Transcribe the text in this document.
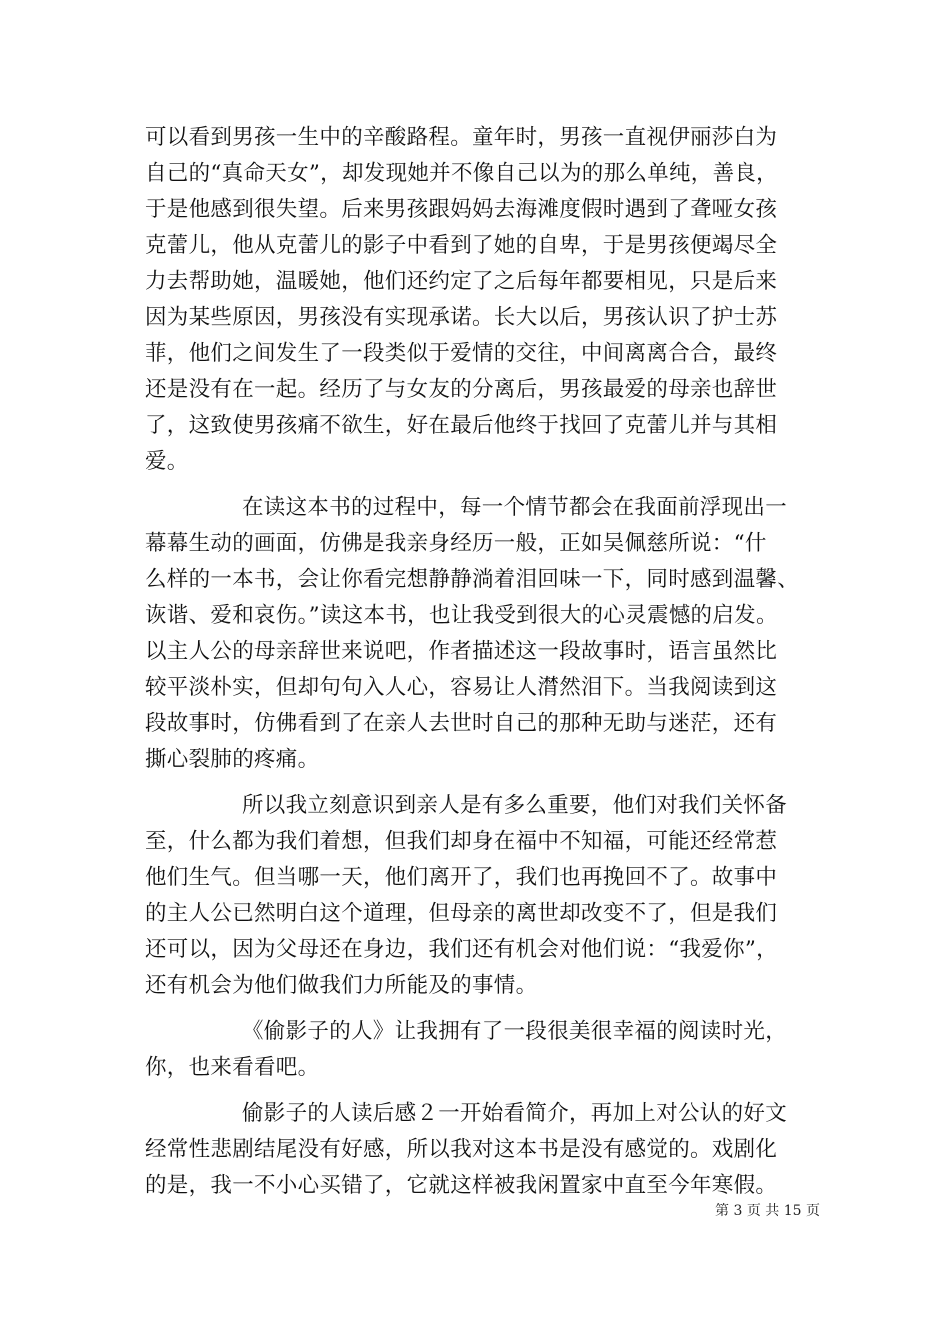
可以看到男孩一生中的辛酸路程。童年时，男孩一直视伊丽莎白为
自己的“真命天女”，却发现她并不像自己以为的那么单纯，善良，
于是他感到很失望。后来男孩跟妈妈去海滩度假时遇到了聋哑女孩
克蕾儿，他从克蕾儿的影子中看到了她的自卑，于是男孩便竭尽全
力去帮助她，温暖她，他们还约定了之后每年都要相见，只是后来
因为某些原因，男孩没有实现承诺。长大以后，男孩认识了护士苏
菲，他们之间发生了一段类似于爱情的交往，中间离离合合，最终
还是没有在一起。经历了与女友的分离后，男孩最爱的母亲也辞世
了，这致使男孩痛不欲生，好在最后他终于找回了克蕾儿并与其相
爱。
在读这本书的过程中，每一个情节都会在我面前浮现出一
幕幕生动的画面，仿佛是我亲身经历一般，正如吴佩慈所说：“什
么样的一本书，会让你看完想静静淌着泪回味一下，同时感到温馨、
诙谐、爱和哀伤。”读这本书，也让我受到很大的心灵震憾的启发。
以主人公的母亲辞世来说吧，作者描述这一段故事时，语言虽然比
较平淡朴实，但却句句入人心，容易让人潸然泪下。当我阅读到这
段故事时，仿佛看到了在亲人去世时自己的那种无助与迷茫，还有
撕心裂肺的疼痛。
所以我立刻意识到亲人是有多么重要，他们对我们关怀备
至，什么都为我们着想，但我们却身在福中不知福，可能还经常惹
他们生气。但当哪一天，他们离开了，我们也再挽回不了。故事中
的主人公已然明白这个道理，但母亲的离世却改变不了，但是我们
还可以，因为父母还在身边，我们还有机会对他们说：“我爱你”，
还有机会为他们做我们力所能及的事情。
《偷影子的人》让我拥有了一段很美很幸福的阅读时光，
你，也来看看吧。
偷影子的人读后感２一开始看简介，再加上对公认的好文
经常性悲剧结尾没有好感，所以我对这本书是没有感觉的。戏剧化
的是，我一不小心买错了，它就这样被我闲置家中直至今年寒假。
第 3 页 共 15 页
